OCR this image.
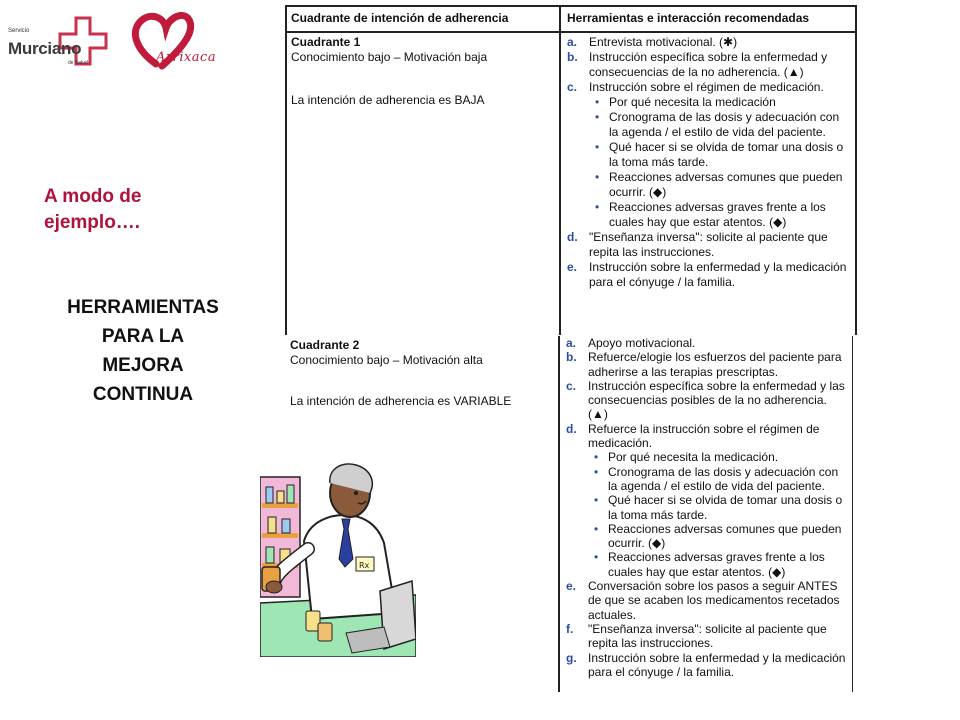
Servicio
Murciano
de Salud	Arrixaca
A modo de ejemplo….
HERRAMIENTAS
PARA LA
MEJORA
CONTINUA
Cuadrante de intención de adherencia	Herramientas e interacción recomendadas
Cuadrante 1
Conocimiento bajo – Motivación baja
La intención de adherencia es BAJA
a. Entrevista motivacional. (✱)
b. Instrucción específica sobre la enfermedad y consecuencias de la no adherencia. (▲)
c. Instrucción sobre el régimen de medicación.
• Por qué necesita la medicación
• Cronograma de las dosis y adecuación con la agenda / el estilo de vida del paciente.
• Qué hacer si se olvida de tomar una dosis o la toma más tarde.
• Reacciones adversas comunes que pueden ocurrir. (◆)
• Reacciones adversas graves frente a los cuales hay que estar atentos. (◆)
d. "Enseñanza inversa": solicite al paciente que repita las instrucciones.
e. Instrucción sobre la enfermedad y la medicación para el cónyuge / la familia.
Cuadrante 2
Conocimiento bajo – Motivación alta
La intención de adherencia es VARIABLE
a. Apoyo motivacional.
b. Refuerce/elogie los esfuerzos del paciente para adherirse a las terapias prescriptas.
c. Instrucción específica sobre la enfermedad y las consecuencias posibles de la no adherencia. (▲)
d. Refuerce la instrucción sobre el régimen de medicación.
• Por qué necesita la medicación.
• Cronograma de las dosis y adecuación con la agenda / el estilo de vida del paciente.
• Qué hacer si se olvida de tomar una dosis o la toma más tarde.
• Reacciones adversas comunes que pueden ocurrir. (◆)
• Reacciones adversas graves frente a los cuales hay que estar atentos. (◆)
e. Conversación sobre los pasos a seguir ANTES de que se acaben los medicamentos recetados actuales.
f. "Enseñanza inversa": solicite al paciente que repita las instrucciones.
g. Instrucción sobre la enfermedad y la medicación para el cónyuge / la familia.
Rx
